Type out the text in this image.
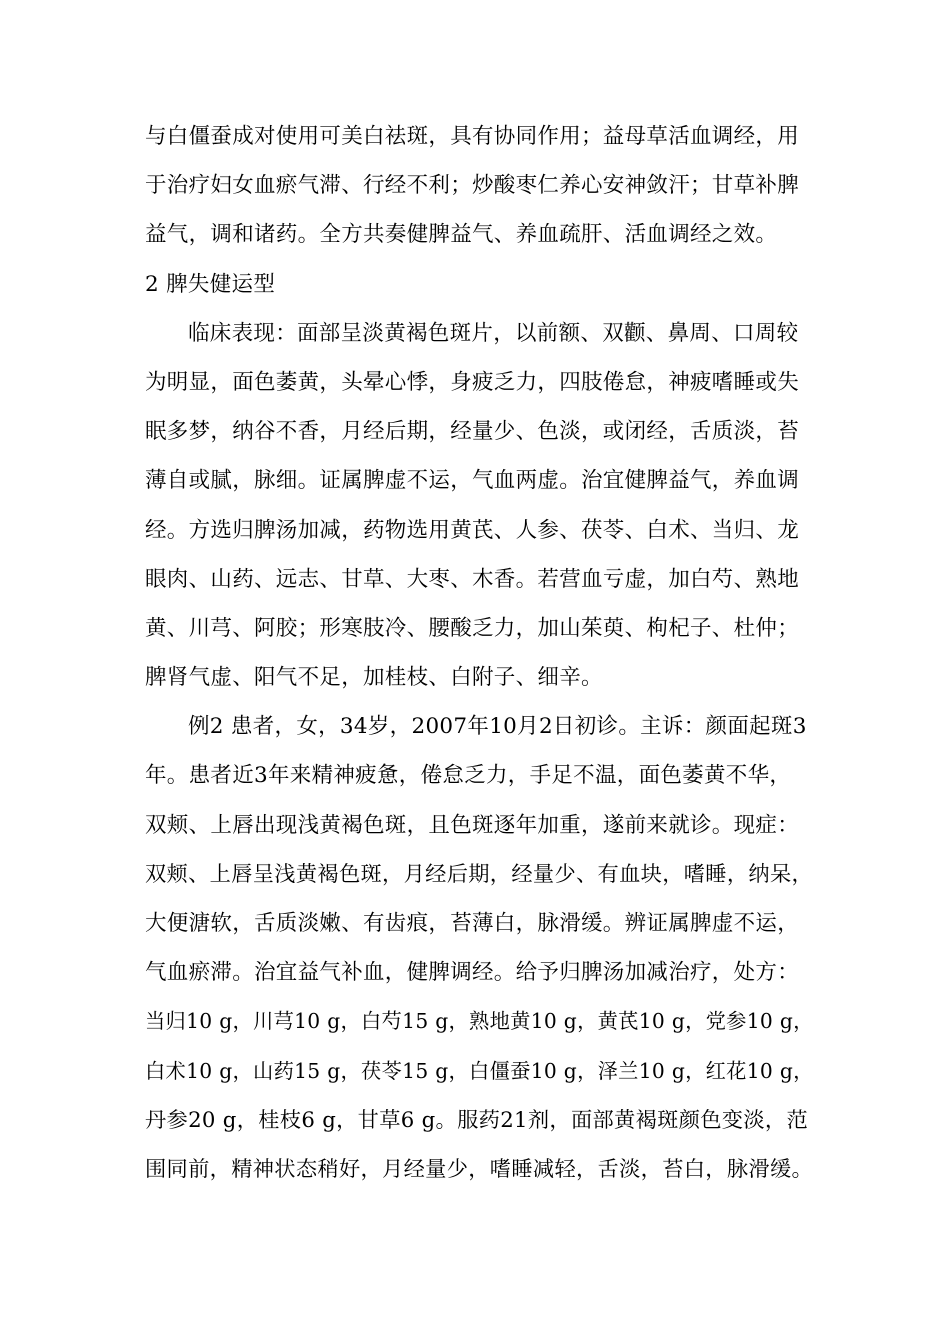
与白僵蚕成对使用可美白祛斑，具有协同作用；益母草活血调经，用
于治疗妇女血瘀气滞、行经不利；炒酸枣仁养心安神敛汗；甘草补脾
益气，调和诸药。全方共奏健脾益气、养血疏肝、活血调经之效。
2 脾失健运型
临床表现：面部呈淡黄褐色斑片，以前额、双颧、鼻周、口周较
为明显，面色萎黄，头晕心悸，身疲乏力，四肢倦怠，神疲嗜睡或失
眠多梦，纳谷不香，月经后期，经量少、色淡，或闭经，舌质淡，苔
薄自或腻，脉细。证属脾虚不运，气血两虚。治宜健脾益气，养血调
经。方选归脾汤加减，药物选用黄芪、人参、茯苓、白术、当归、龙
眼肉、山药、远志、甘草、大枣、木香。若营血亏虚，加白芍、熟地
黄、川芎、阿胶；形寒肢冷、腰酸乏力，加山茱萸、枸杞子、杜仲；
脾肾气虚、阳气不足，加桂枝、白附子、细辛。
例2 患者，女，34岁，2007年10月2日初诊。主诉：颜面起斑3
年。患者近3年来精神疲惫，倦怠乏力，手足不温，面色萎黄不华，
双颊、上唇出现浅黄褐色斑，且色斑逐年加重，遂前来就诊。现症：
双颊、上唇呈浅黄褐色斑，月经后期，经量少、有血块，嗜睡，纳呆，
大便溏软，舌质淡嫩、有齿痕，苔薄白，脉滑缓。辨证属脾虚不运，
气血瘀滞。治宜益气补血，健脾调经。给予归脾汤加减治疗，处方：
当归10 g，川芎10 g，白芍15 g，熟地黄10 g，黄芪10 g，党参10 g，
白术10 g，山药15 g，茯苓15 g，白僵蚕10 g，泽兰10 g，红花10 g，
丹参20 g，桂枝6 g，甘草6 g。服药21剂，面部黄褐斑颜色变淡，范
围同前，精神状态稍好，月经量少，嗜睡减轻，舌淡，苔白，脉滑缓。
